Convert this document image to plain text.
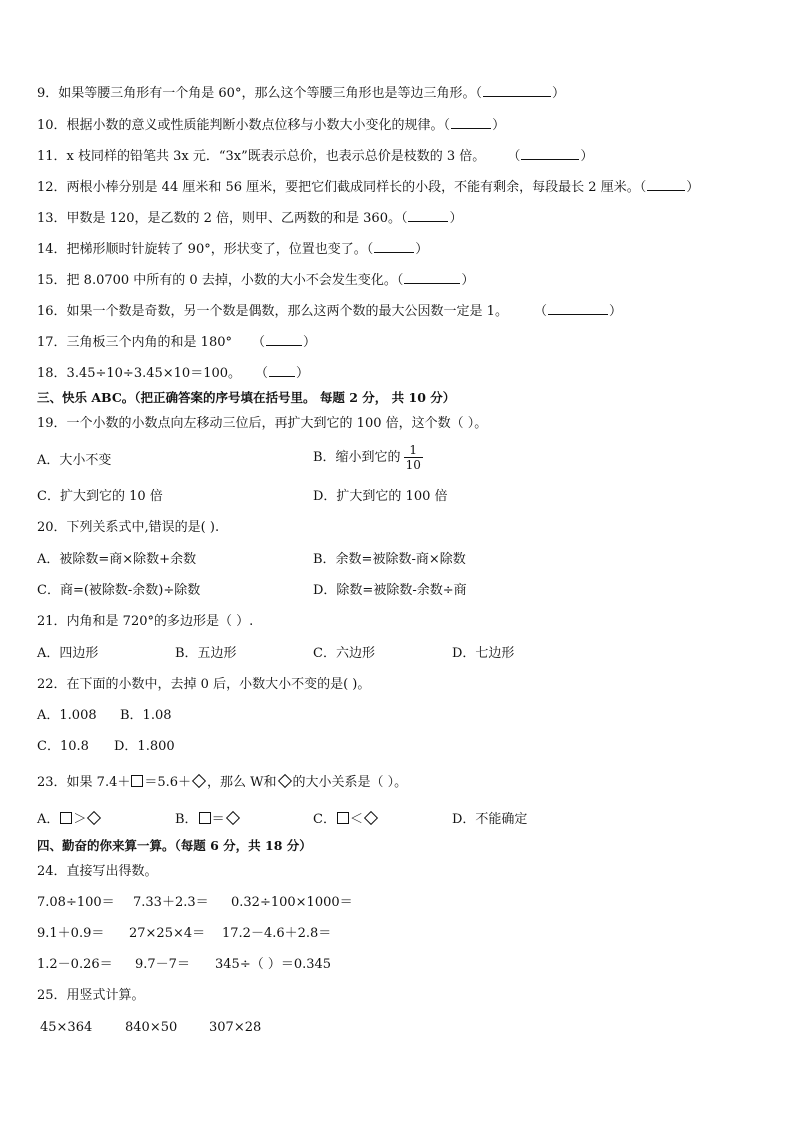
9．如果等腰三角形有一个角是 60°，那么这个等腰三角形也是等边三角形。（	）
10．根据小数的意义或性质能判断小数点位移与小数大小变化的规律。（	）
11．x 枝同样的铅笔共 3x 元．“3x”既表示总价，也表示总价是枝数的 3 倍。 （	）
12．两根小棒分别是 44 厘米和 56 厘米，要把它们截成同样长的小段，不能有剩余，每段最长 2 厘米。（	）
13．甲数是 120，是乙数的 2 倍，则甲、乙两数的和是 360。（	）
14．把梯形顺时针旋转了 90°，形状变了，位置也变了。（	）
15．把 8.0700 中所有的 0 去掉，小数的大小不会发生变化。（	）
16．如果一个数是奇数，另一个数是偶数，那么这两个数的最大公因数一定是 1。 （	）
17．三角板三个内角的和是 180° （	）
18．3.45÷10÷3.45×10＝100。 （ ）
三、快乐 ABC。（把正确答案的序号填在括号里。 每题 2 分， 共 10 分）
19．一个小数的小数点向左移动三位后，再扩大到它的 100 倍，这个数（ ）。
A．大小不变	B．缩小到它的 $\frac{1}{10}$
C．扩大到它的 10 倍	D．扩大到它的 100 倍
20．下列关系式中,错误的是( ).
A．被除数=商×除数+余数	B．余数=被除数-商×除数
C．商=(被除数-余数)÷除数	D．除数=被除数-余数÷商
21．内角和是 720°的多边形是（ ）.
A．四边形	B．五边形	C．六边形	D．七边形
22．在下面的小数中，去掉 0 后，小数大小不变的是( )。
A．1.008 B．1.08
C．10.8 D．1.800
23．如果 7.4＋ ＝5.6＋ ，那么 W和 的大小关系是（ ）。
A． ＞	B． ＝	C． ＜	D．不能确定
四、勤奋的你来算一算。（每题 6 分，共 18 分）
24．直接写出得数。
7.08÷100＝ 7.33＋2.3＝ 0.32÷100×1000＝
9.1＋0.9＝ 27×25×4＝ 17.2－4.6＋2.8＝
1.2－0.26＝ 9.7－7＝ 345÷（ ）＝0.345
25．用竖式计算。
45×364	840×50 307×28
